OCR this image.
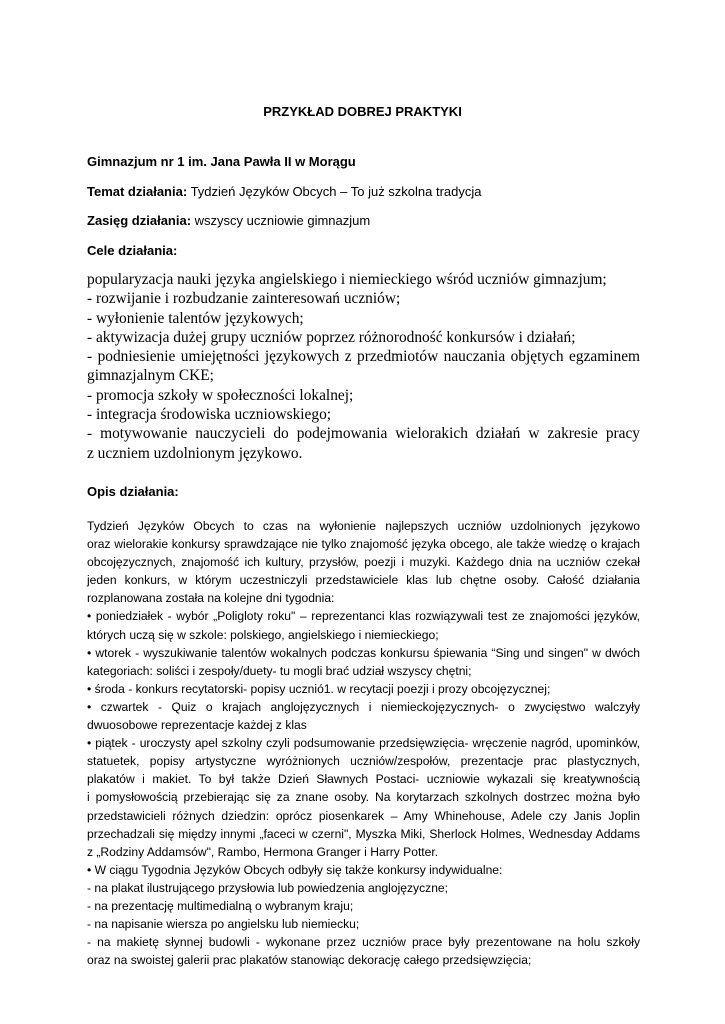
PRZYKŁAD DOBREJ PRAKTYKI
Gimnazjum nr 1 im. Jana Pawła II w Morągu
Temat działania: Tydzień Języków Obcych – To już szkolna tradycja
Zasięg działania: wszyscy uczniowie gimnazjum
Cele działania:
popularyzacja nauki języka angielskiego i niemieckiego wśród uczniów gimnazjum;
- rozwijanie i rozbudzanie zainteresowań uczniów;
- wyłonienie talentów językowych;
- aktywizacja dużej grupy uczniów poprzez różnorodność konkursów i działań;
- podniesienie umiejętności językowych z przedmiotów nauczania objętych egzaminem
gimnazjalnym CKE;
- promocja szkoły w społeczności lokalnej;
- integracja środowiska uczniowskiego;
- motywowanie nauczycieli do podejmowania wielorakich działań w zakresie pracy
z uczniem uzdolnionym językowo.
Opis działania:
Tydzień Języków Obcych to czas na wyłonienie najlepszych uczniów uzdolnionych językowo
oraz wielorakie konkursy sprawdzające nie tylko znajomość języka obcego, ale także wiedzę o krajach
obcojęzycznych, znajomość ich kultury, przysłów, poezji i muzyki. Każdego dnia na uczniów czekał
jeden konkurs, w którym uczestniczyli przedstawiciele klas lub chętne osoby. Całość działania
rozplanowana została na kolejne dni tygodnia:
• poniedziałek - wybór „Poligloty roku" – reprezentanci klas rozwiązywali test ze znajomości języków,
których uczą się w szkole: polskiego, angielskiego i niemieckiego;
• wtorek - wyszukiwanie talentów wokalnych podczas konkursu śpiewania “Sing und singen" w dwóch
kategoriach: soliści i zespoły/duety- tu mogli brać udział wszyscy chętni;
• środa - konkurs recytatorski- popisy ucznió1. w recytacji poezji i prozy obcojęzycznej;
• czwartek - Quiz o krajach anglojęzycznych i niemieckojęzycznych- o zwycięstwo walczyły
dwuosobowe reprezentacje każdej z klas
• piątek - uroczysty apel szkolny czyli podsumowanie przedsięwzięcia- wręczenie nagród, upominków,
statuetek, popisy artystyczne wyróżnionych uczniów/zespołów, prezentacje prac plastycznych,
plakatów i makiet. To był także Dzień Sławnych Postaci- uczniowie wykazali się kreatywnością
i pomysłowością przebierając się za znane osoby. Na korytarzach szkolnych dostrzec można było
przedstawicieli różnych dziedzin: oprócz piosenkarek – Amy Whinehouse, Adele czy Janis Joplin
przechadzali się między innymi „faceci w czerni", Myszka Miki, Sherlock Holmes, Wednesday Addams
z „Rodziny Addamsów", Rambo, Hermona Granger i Harry Potter.
• W ciągu Tygodnia Języków Obcych odbyły się także konkursy indywidualne:
- na plakat ilustrującego przysłowia lub powiedzenia anglojęzyczne;
- na prezentację multimedialną o wybranym kraju;
- na napisanie wiersza po angielsku lub niemiecku;
- na makietę słynnej budowli - wykonane przez uczniów prace były prezentowane na holu szkoły
oraz na swoistej galerii prac plakatów stanowiąc dekorację całego przedsięwzięcia;
